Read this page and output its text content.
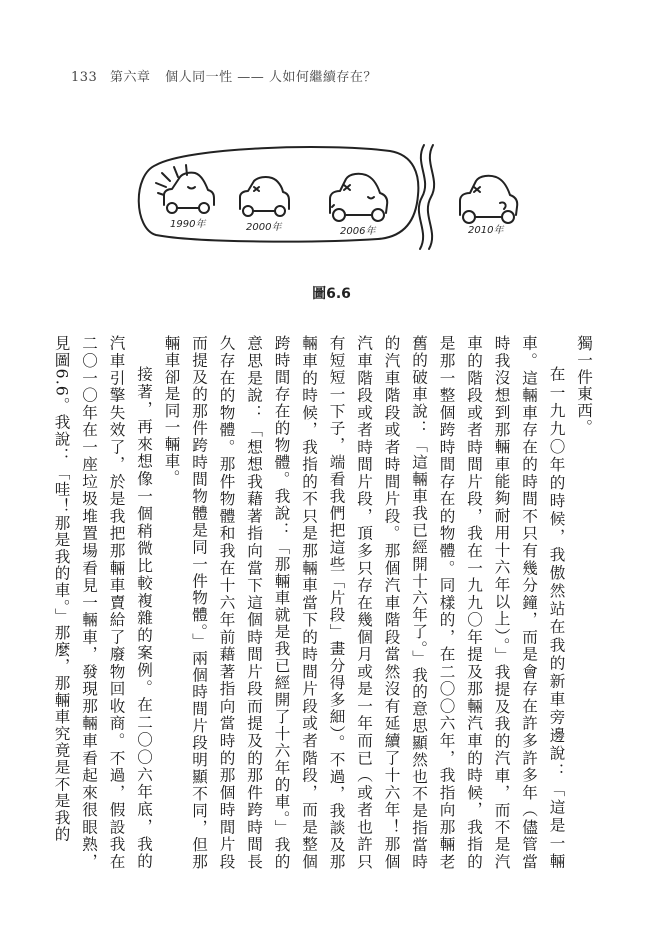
133 第六章 個人同一性 —— 人如何繼續存在？
1990年	2000年	2006年	2010年
圖6.6

獨一件東西。

在一九九〇年的時候，我傲然站在我的新車旁邊說：「這是一輛車。這輛車存在的時間不只有幾分鐘，而是會存在許多許多年（儘管當時我沒想到那輛車能夠耐用十六年以上）。」我提及我的汽車，而不是汽車的階段或者時間片段，我在一九九〇年提及那輛汽車的時候，我指的是那一整個跨時間存在的物體。同樣的，在二〇〇六年，我指向那輛老舊的破車說：「這輛車我已經開十六年了。」我的意思顯然也不是指當時的汽車階段或者時間片段。那個汽車階段當然沒有延續了十六年！那個汽車階段或者時間片段，頂多只存在幾個月或是一年而已（或者也許只有短短一下子，端看我們把這些「片段」畫分得多細）。不過，我談及那輛車的時候，我指的不只是那輛車當下的時間片段或者階段，而是整個跨時間存在的物體。我說：「那輛車就是我已經開了十六年的車。」我的意思是說：「想想我藉著指向當下這個時間片段而提及的那件跨時間長久存在的物體。那件物體和我在十六年前藉著指向當時的那個時間片段而提及的那件跨時間物體是同一件物體。」兩個時間片段明顯不同，但那輛車卻是同一輛車。

接著，再來想像一個稍微比較複雜的案例。在二〇〇六年底，我的汽車引擎失效了，於是我把那輛車賣給了廢物回收商。不過，假設我在二〇一〇年在一座垃圾堆置場看見一輛車，發現那輛車看起來很眼熟，見圖6.6。我說：「哇！那是我的車。」那麼，那輛車究竟是不是我的
